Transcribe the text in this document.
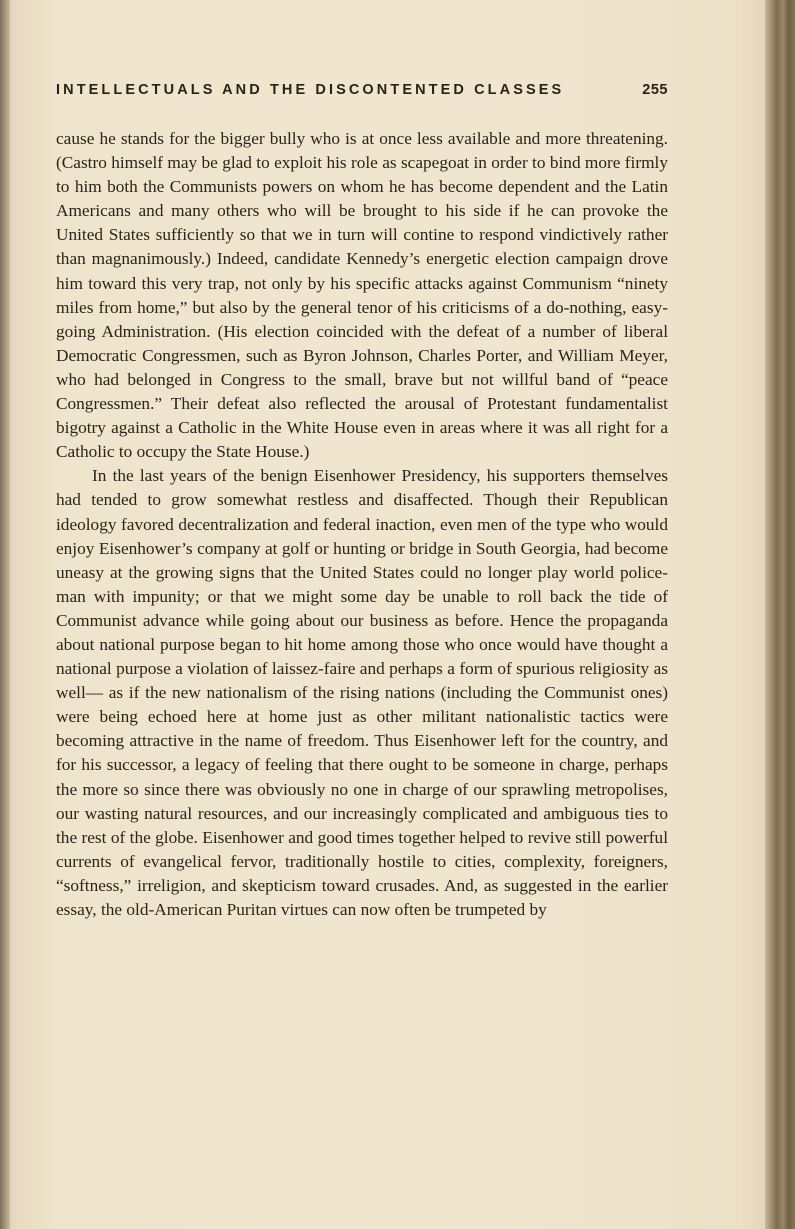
INTELLECTUALS AND THE DISCONTENTED CLASSES	255

cause he stands for the bigger bully who is at once less available and more threatening. (Castro himself may be glad to exploit his role as scapegoat in order to bind more firmly to him both the Communists powers on whom he has become dependent and the Latin Americans and many others who will be brought to his side if he can provoke the United States sufficiently so that we in turn will contine to respond vindictively rather than magnanimously.) Indeed, candidate Kennedy’s energetic election campaign drove him toward this very trap, not only by his specific attacks against Communism “ninety miles from home,” but also by the general tenor of his criticisms of a do-nothing, easygoing Administration. (His election coincided with the defeat of a number of liberal Democratic Congressmen, such as Byron Johnson, Charles Porter, and William Meyer, who had belonged in Congress to the small, brave but not willful band of “peace Congressmen.” Their defeat also reflected the arousal of Protestant fundamentalist bigotry against a Catholic in the White House even in areas where it was all right for a Catholic to occupy the State House.)

In the last years of the benign Eisenhower Presidency, his supporters themselves had tended to grow somewhat restless and disaffected. Though their Republican ideology favored decentralization and federal inaction, even men of the type who would enjoy Eisenhower’s company at golf or hunting or bridge in South Georgia, had become uneasy at the growing signs that the United States could no longer play world policeman with impunity; or that we might some day be unable to roll back the tide of Communist advance while going about our business as before. Hence the propaganda about national purpose began to hit home among those who once would have thought a national purpose a violation of laissez-faire and perhaps a form of spurious religiosity as well— as if the new nationalism of the rising nations (including the Communist ones) were being echoed here at home just as other militant nationalistic tactics were becoming attractive in the name of freedom. Thus Eisenhower left for the country, and for his successor, a legacy of feeling that there ought to be someone in charge, perhaps the more so since there was obviously no one in charge of our sprawling metropolises, our wasting natural resources, and our increasingly complicated and ambiguous ties to the rest of the globe. Eisenhower and good times together helped to revive still powerful currents of evangelical fervor, traditionally hostile to cities, complexity, foreigners, “softness,” irreligion, and skepticism toward crusades. And, as suggested in the earlier essay, the old-American Puritan virtues can now often be trumpeted by
